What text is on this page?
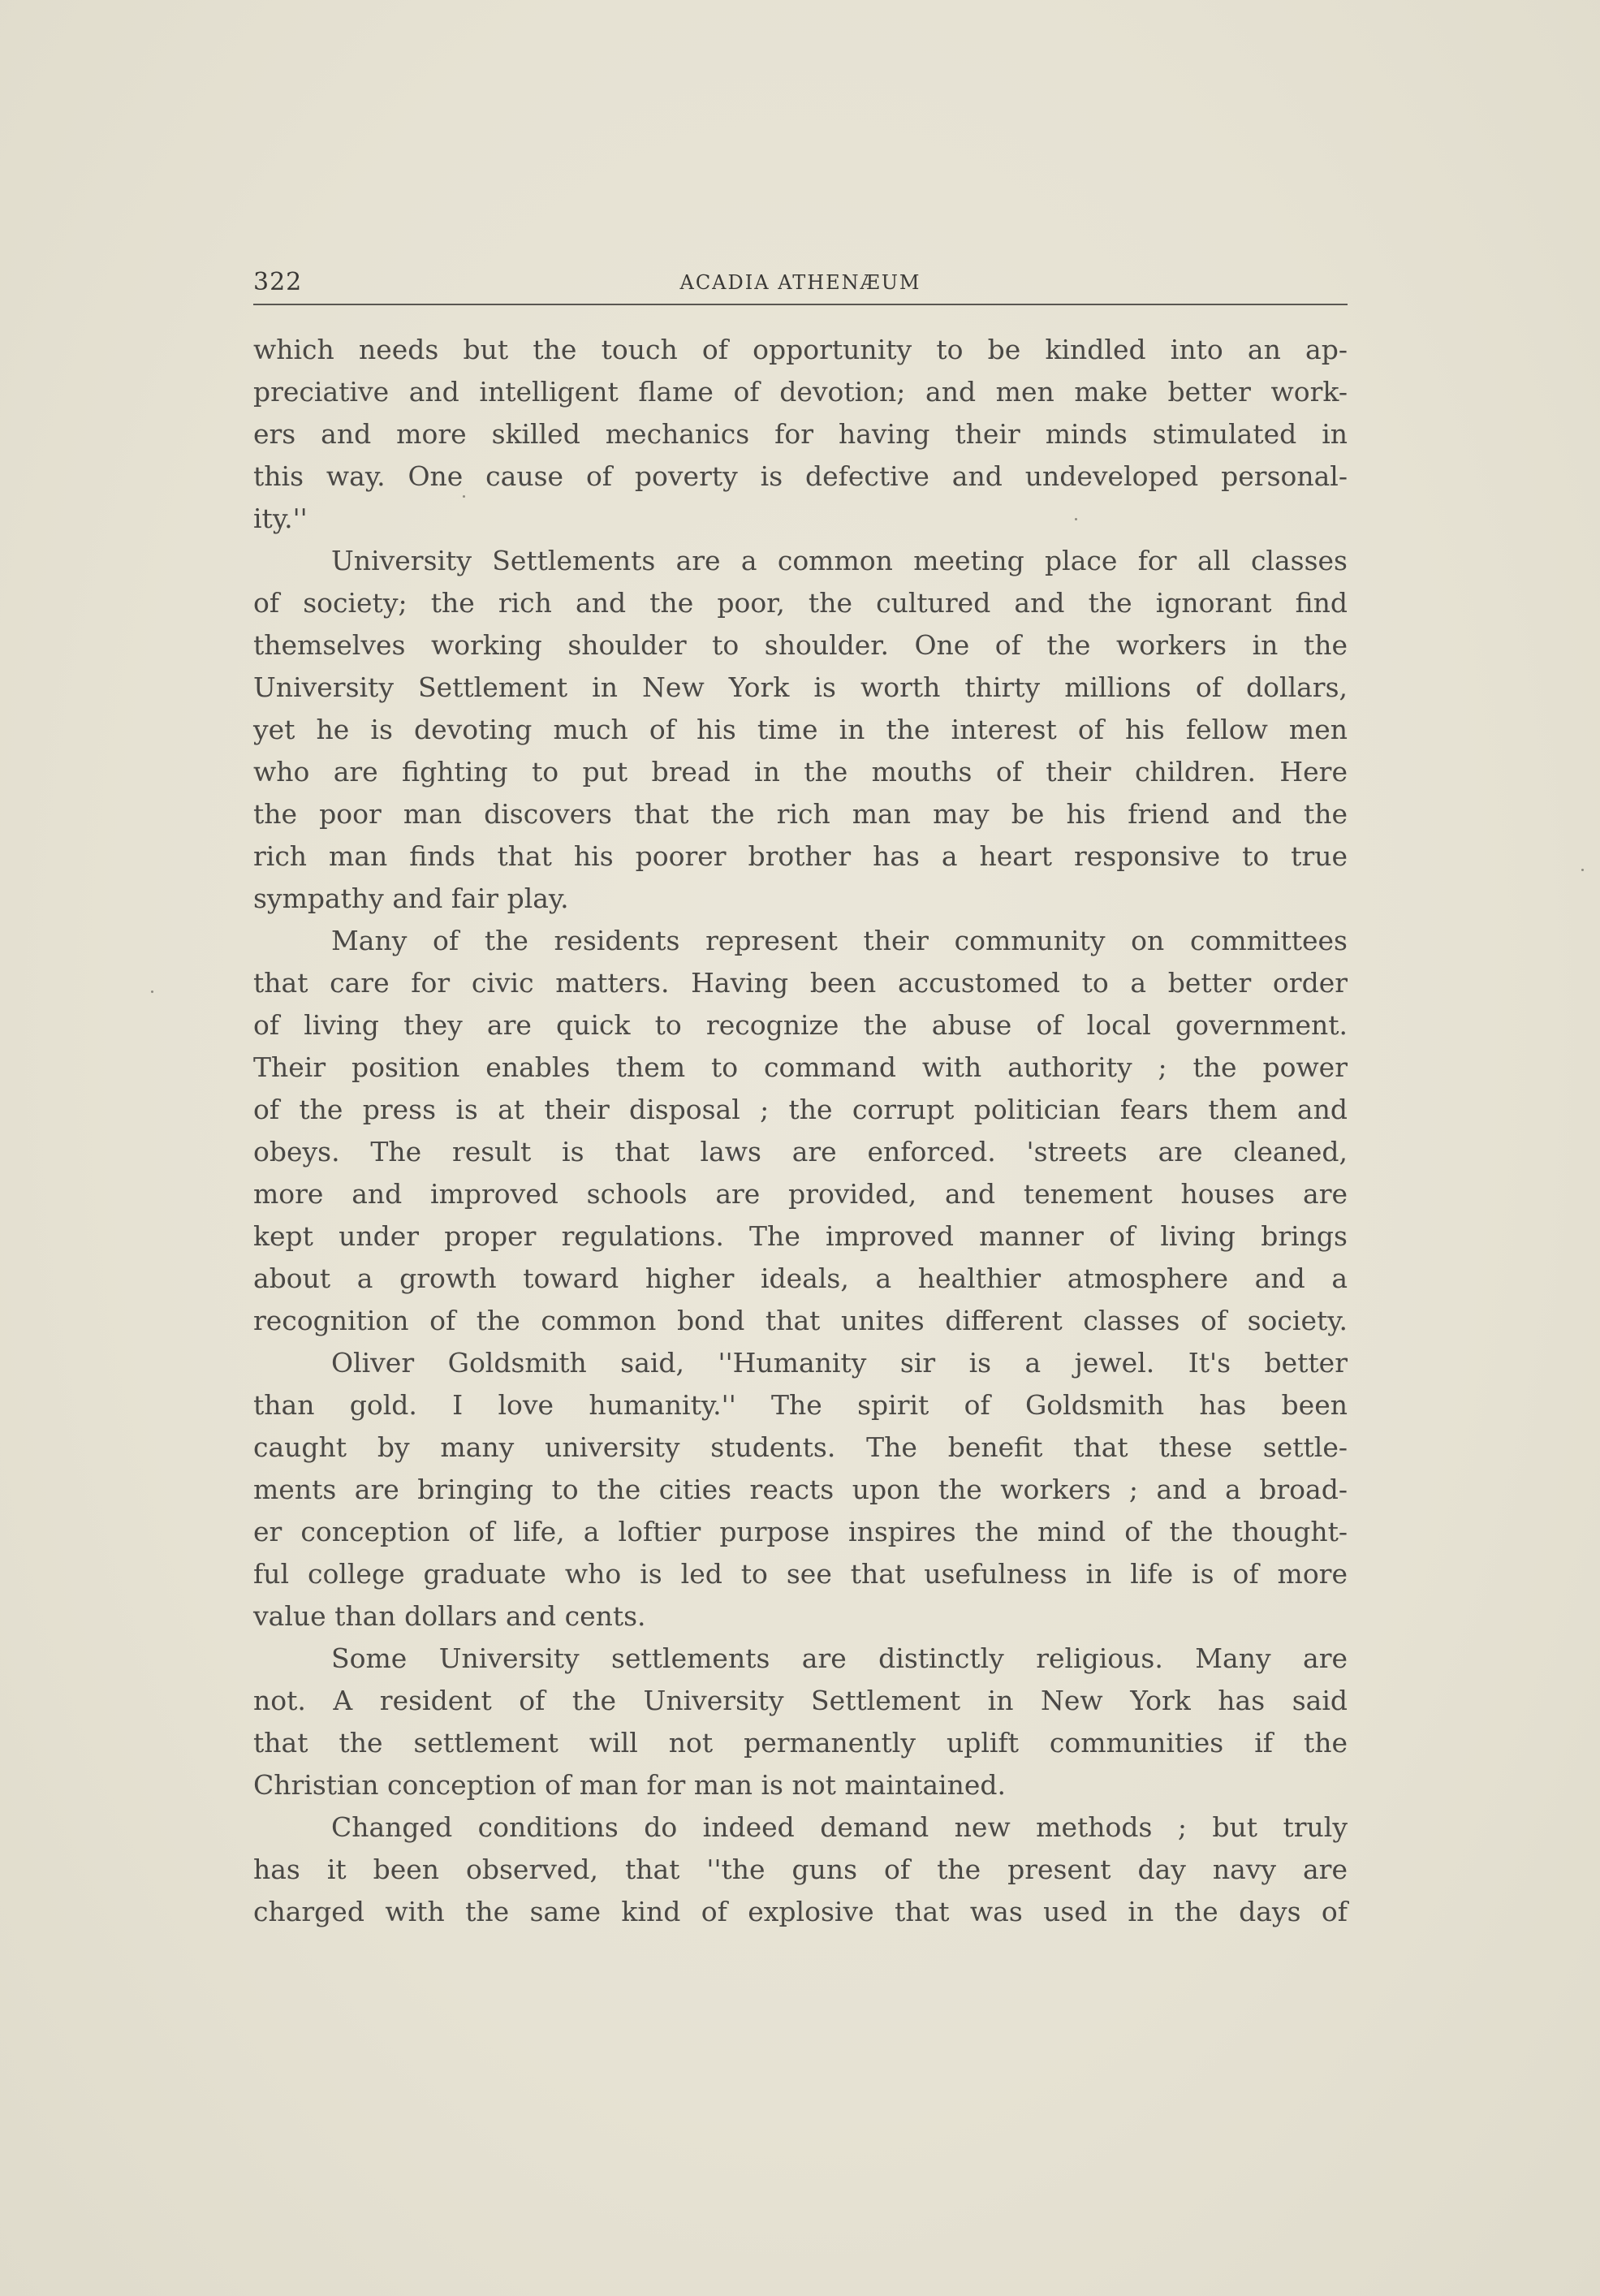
322	ACADIA ATHENÆUM
which needs but the touch of opportunity to be kindled into an ap-
preciative and intelligent flame of devotion; and men make better work-
ers and more skilled mechanics for having their minds stimulated in
this way. One cause of poverty is defective and undeveloped personal-
ity.''
University Settlements are a common meeting place for all classes
of society; the rich and the poor, the cultured and the ignorant find
themselves working shoulder to shoulder. One of the workers in the
University Settlement in New York is worth thirty millions of dollars,
yet he is devoting much of his time in the interest of his fellow men
who are fighting to put bread in the mouths of their children. Here
the poor man discovers that the rich man may be his friend and the
rich man finds that his poorer brother has a heart responsive to true
sympathy and fair play.
Many of the residents represent their community on committees
that care for civic matters. Having been accustomed to a better order
of living they are quick to recognize the abuse of local government.
Their position enables them to command with authority ; the power
of the press is at their disposal ; the corrupt politician fears them and
obeys. The result is that laws are enforced. 'streets are cleaned,
more and improved schools are provided, and tenement houses are
kept under proper regulations. The improved manner of living brings
about a growth toward higher ideals, a healthier atmosphere and a
recognition of the common bond that unites different classes of society.
Oliver Goldsmith said, ''Humanity sir is a jewel. It's better
than gold. I love humanity.'' The spirit of Goldsmith has been
caught by many university students. The benefit that these settle-
ments are bringing to the cities reacts upon the workers ; and a broad-
er conception of life, a loftier purpose inspires the mind of the thought-
ful college graduate who is led to see that usefulness in life is of more
value than dollars and cents.
Some University settlements are distinctly religious. Many are
not. A resident of the University Settlement in New York has said
that the settlement will not permanently uplift communities if the
Christian conception of man for man is not maintained.
Changed conditions do indeed demand new methods ; but truly
has it been observed, that ''the guns of the present day navy are
charged with the same kind of explosive that was used in the days of
